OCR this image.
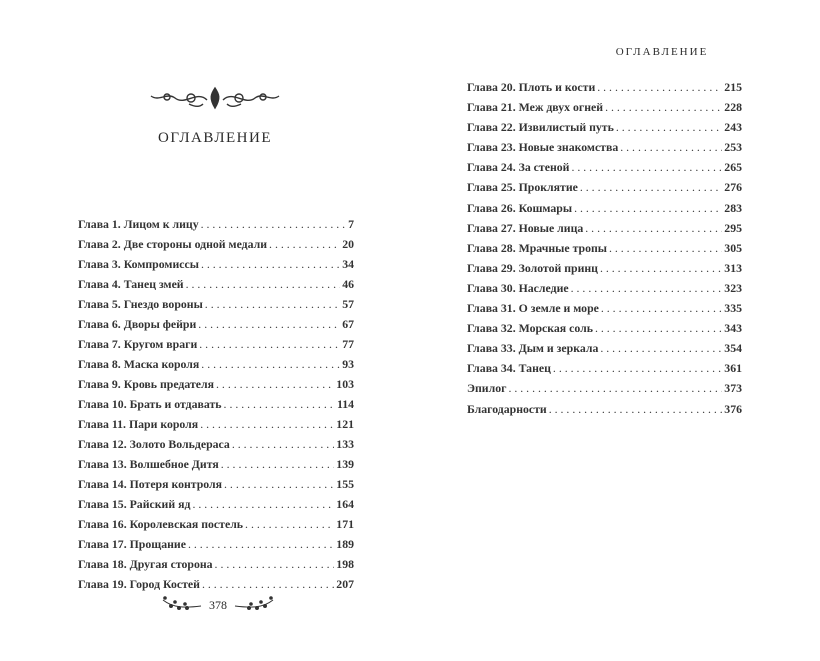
ОГЛАВЛЕНИЕ
Глава 1. Лицом к лицу . . .	7
Глава 2. Две стороны одной медали . . .	20
Глава 3. Компромиссы . . .	34
Глава 4. Танец змей . . .	46
Глава 5. Гнездо вороны . . .	57
Глава 6. Дворы фейри . . .	67
Глава 7. Кругом враги . . .	77
Глава 8. Маска короля . . .	93
Глава 9. Кровь предателя . . .	103
Глава 10. Брать и отдавать . . .	114
Глава 11. Пари короля . . .	121
Глава 12. Золото Вольдераса . . .	133
Глава 13. Волшебное Дитя . . .	139
Глава 14. Потеря контроля . . .	155
Глава 15. Райский яд . . .	164
Глава 16. Королевская постель . . .	171
Глава 17. Прощание . . .	189
Глава 18. Другая сторона . . .	198
Глава 19. Город Костей . . .	207
378
ОГЛАВЛЕНИЕ
Глава 20. Плоть и кости . . .	215
Глава 21. Меж двух огней . . .	228
Глава 22. Извилистый путь . . .	243
Глава 23. Новые знакомства . . .	253
Глава 24. За стеной . . .	265
Глава 25. Проклятие . . .	276
Глава 26. Кошмары . . .	283
Глава 27. Новые лица . . .	295
Глава 28. Мрачные тропы . . .	305
Глава 29. Золотой принц . . .	313
Глава 30. Наследие . . .	323
Глава 31. О земле и море . . .	335
Глава 32. Морская соль . . .	343
Глава 33. Дым и зеркала . . .	354
Глава 34. Танец . . .	361
Эпилог . . .	373
Благодарности . . .	376
